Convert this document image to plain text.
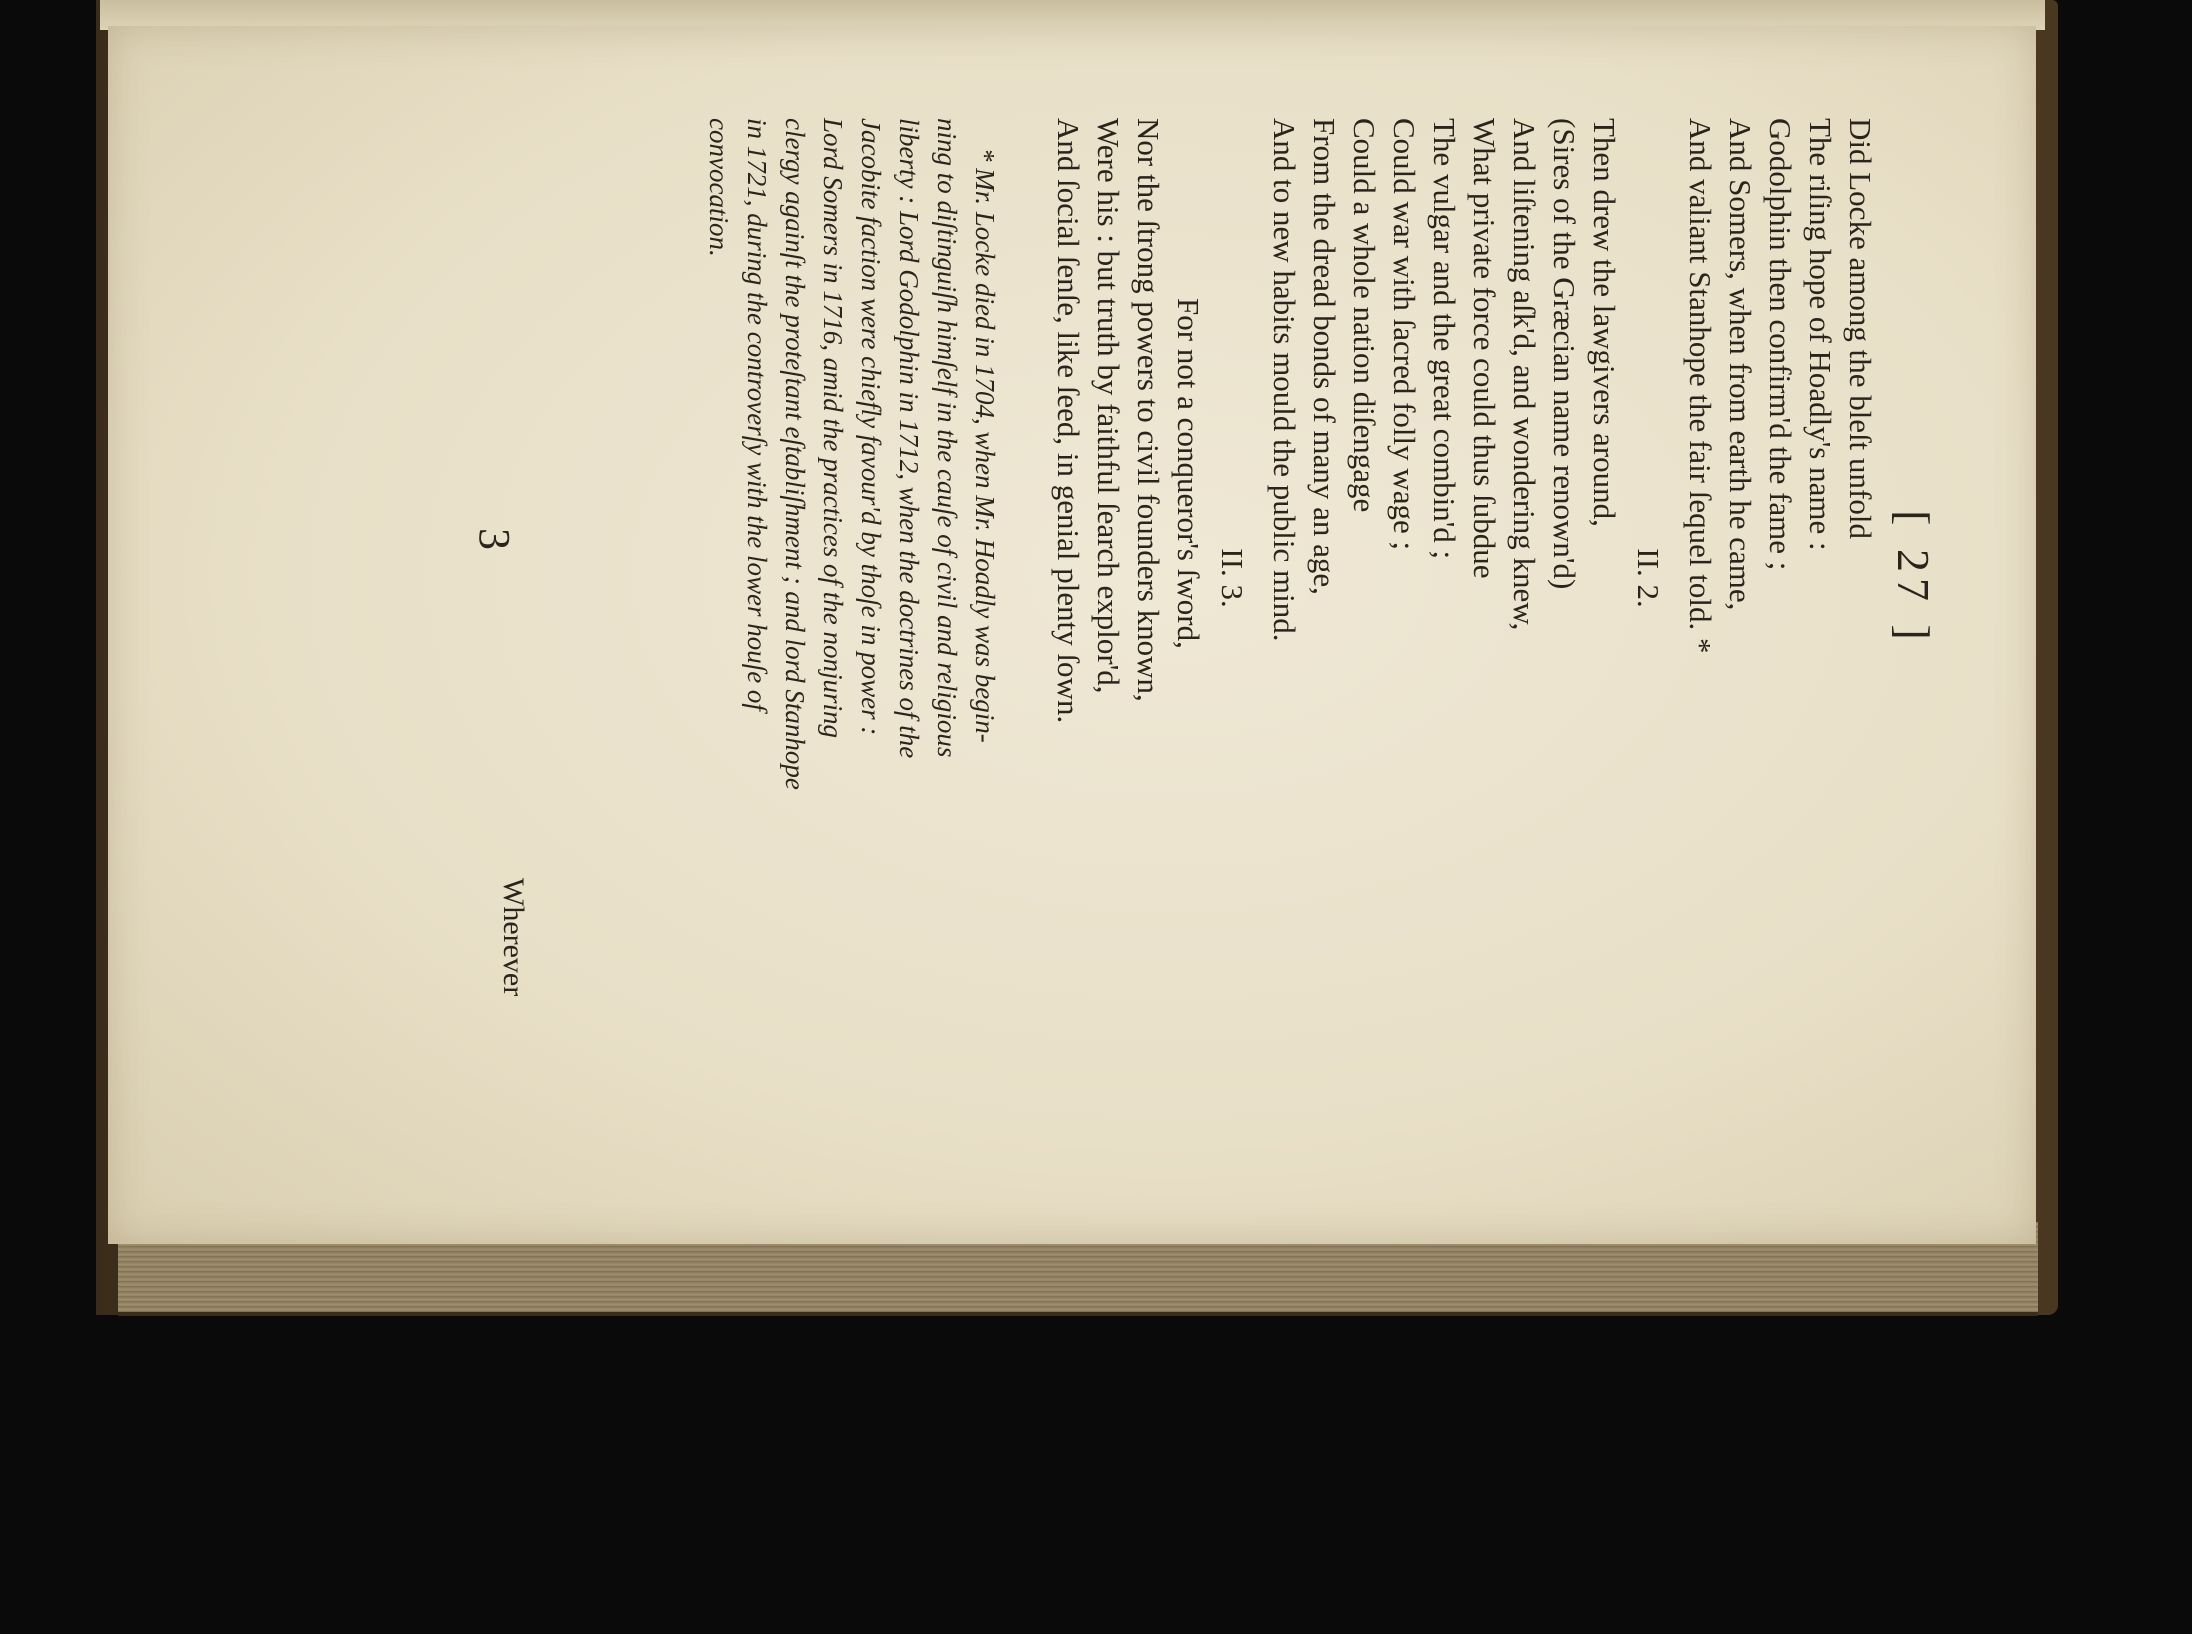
[ 27 ]
Did Locke among the bleſt unfold
The riſing hope of Hoadly's name :
Godolphin then confirm'd the fame ;
And Somers, when from earth he came,
And valiant Stanhope the fair ſequel told. *
II. 2.
Then drew the lawgivers around,
(Sires of the Græcian name renown'd)
And liſtening aſk'd, and wondering knew,
What private force could thus ſubdue
The vulgar and the great combin'd ;
Could war with ſacred folly wage ;
Could a whole nation diſengage
From the dread bonds of many an age,
And to new habits mould the public mind.
II. 3.
For not a conqueror's ſword,
Nor the ſtrong powers to civil founders known,
Were his : but truth by faithful ſearch explor'd,
And ſocial ſenſe, like ſeed, in genial plenty ſown.
* Mr. Locke died in 1704, when Mr. Hoadly was begin-
ning to diſtinguiſh himſelf in the cauſe of civil and religious
liberty : Lord Godolphin in 1712, when the doctrines of the
Jacobite faction were chiefly favour'd by thoſe in power :
Lord Somers in 1716, amid the practices of the nonjuring
clergy againſt the proteſtant eſtabliſhment ; and lord Stanhope
in 1721, during the controverſy with the lower houſe of
convocation.
3
Wherever
